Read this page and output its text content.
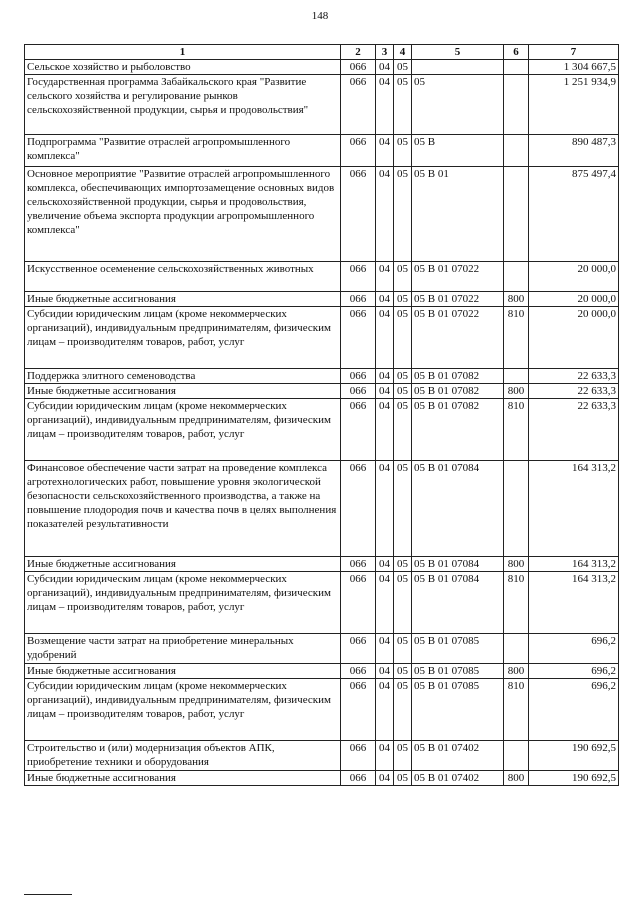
148
1	2	3	4	5	6	7
Сельское хозяйство и рыболовство	066	04	05			1 304 667,5
Государственная программа Забайкальского края "Развитие сельского хозяйства и регулирование рынков сельскохозяйственной продукции, сырья и продовольствия"	066	04	05	05		1 251 934,9
Подпрограмма "Развитие отраслей агропромышленного комплекса"	066	04	05	05 В		890 487,3
Основное мероприятие "Развитие отраслей агропромышленного комплекса, обеспечивающих импортозамещение основных видов сельскохозяйственной продукции, сырья и продовольствия, увеличение объема экспорта продукции агропромышленного комплекса"	066	04	05	05 В 01		875 497,4
Искусственное осеменение сельскохозяйственных животных	066	04	05	05 В 01 07022		20 000,0
Иные бюджетные ассигнования	066	04	05	05 В 01 07022	800	20 000,0
Субсидии юридическим лицам (кроме некоммерческих организаций), индивидуальным предпринимателям, физическим лицам – производителям товаров, работ, услуг	066	04	05	05 В 01 07022	810	20 000,0
Поддержка элитного семеноводства	066	04	05	05 В 01 07082		22 633,3
Иные бюджетные ассигнования	066	04	05	05 В 01 07082	800	22 633,3
Субсидии юридическим лицам (кроме некоммерческих организаций), индивидуальным предпринимателям, физическим лицам – производителям товаров, работ, услуг	066	04	05	05 В 01 07082	810	22 633,3
Финансовое обеспечение части затрат на проведение комплекса агротехнологических работ, повышение уровня экологической безопасности сельскохозяйственного производства, а также на повышение плодородия почв и качества почв в целях выполнения показателей результативности	066	04	05	05 В 01 07084		164 313,2
Иные бюджетные ассигнования	066	04	05	05 В 01 07084	800	164 313,2
Субсидии юридическим лицам (кроме некоммерческих организаций), индивидуальным предпринимателям, физическим лицам – производителям товаров, работ, услуг	066	04	05	05 В 01 07084	810	164 313,2
Возмещение части затрат на приобретение минеральных удобрений	066	04	05	05 В 01 07085		696,2
Иные бюджетные ассигнования	066	04	05	05 В 01 07085	800	696,2
Субсидии юридическим лицам (кроме некоммерческих организаций), индивидуальным предпринимателям, физическим лицам – производителям товаров, работ, услуг	066	04	05	05 В 01 07085	810	696,2
Строительство и (или) модернизация объектов АПК, приобретение техники и оборудования	066	04	05	05 В 01 07402		190 692,5
Иные бюджетные ассигнования	066	04	05	05 В 01 07402	800	190 692,5
